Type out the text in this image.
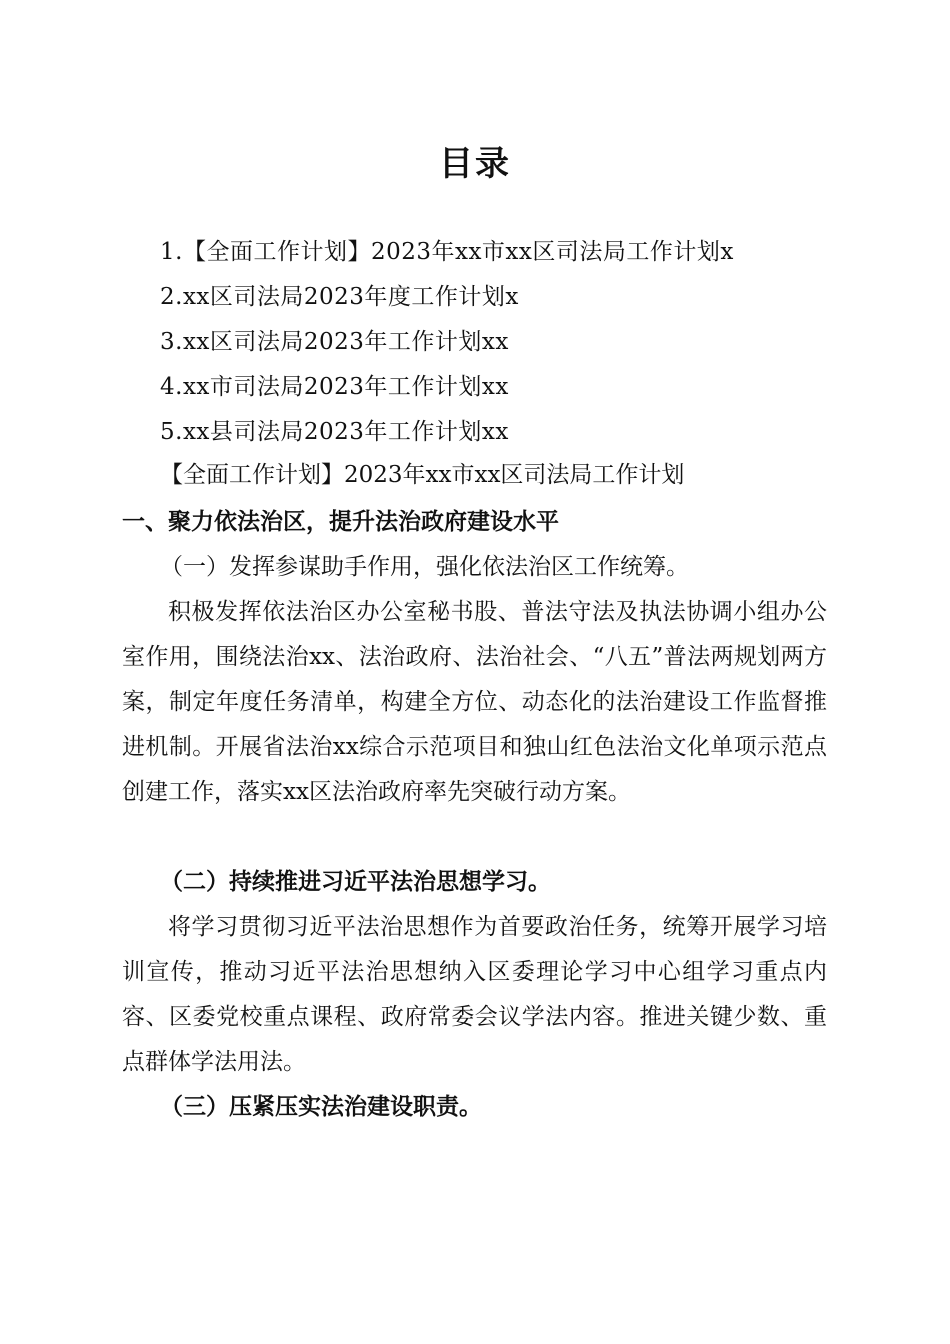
目录
1.【全面工作计划】2023年xx市xx区司法局工作计划x
2.xx区司法局2023年度工作计划x
3.xx区司法局2023年工作计划xx
4.xx市司法局2023年工作计划xx
5.xx县司法局2023年工作计划xx
【全面工作计划】2023年xx市xx区司法局工作计划
一、聚力依法治区，提升法治政府建设水平
（一）发挥参谋助手作用，强化依法治区工作统筹。
积极发挥依法治区办公室秘书股、普法守法及执法协调小组办公室作用，围绕法治xx、法治政府、法治社会、“八五”普法两规划两方案，制定年度任务清单，构建全方位、动态化的法治建设工作监督推进机制。开展省法治xx综合示范项目和独山红色法治文化单项示范点创建工作，落实xx区法治政府率先突破行动方案。
（二）持续推进习近平法治思想学习。
将学习贯彻习近平法治思想作为首要政治任务，统筹开展学习培训宣传，推动习近平法治思想纳入区委理论学习中心组学习重点内容、区委党校重点课程、政府常委会议学法内容。推进关键少数、重点群体学法用法。
（三）压紧压实法治建设职责。
